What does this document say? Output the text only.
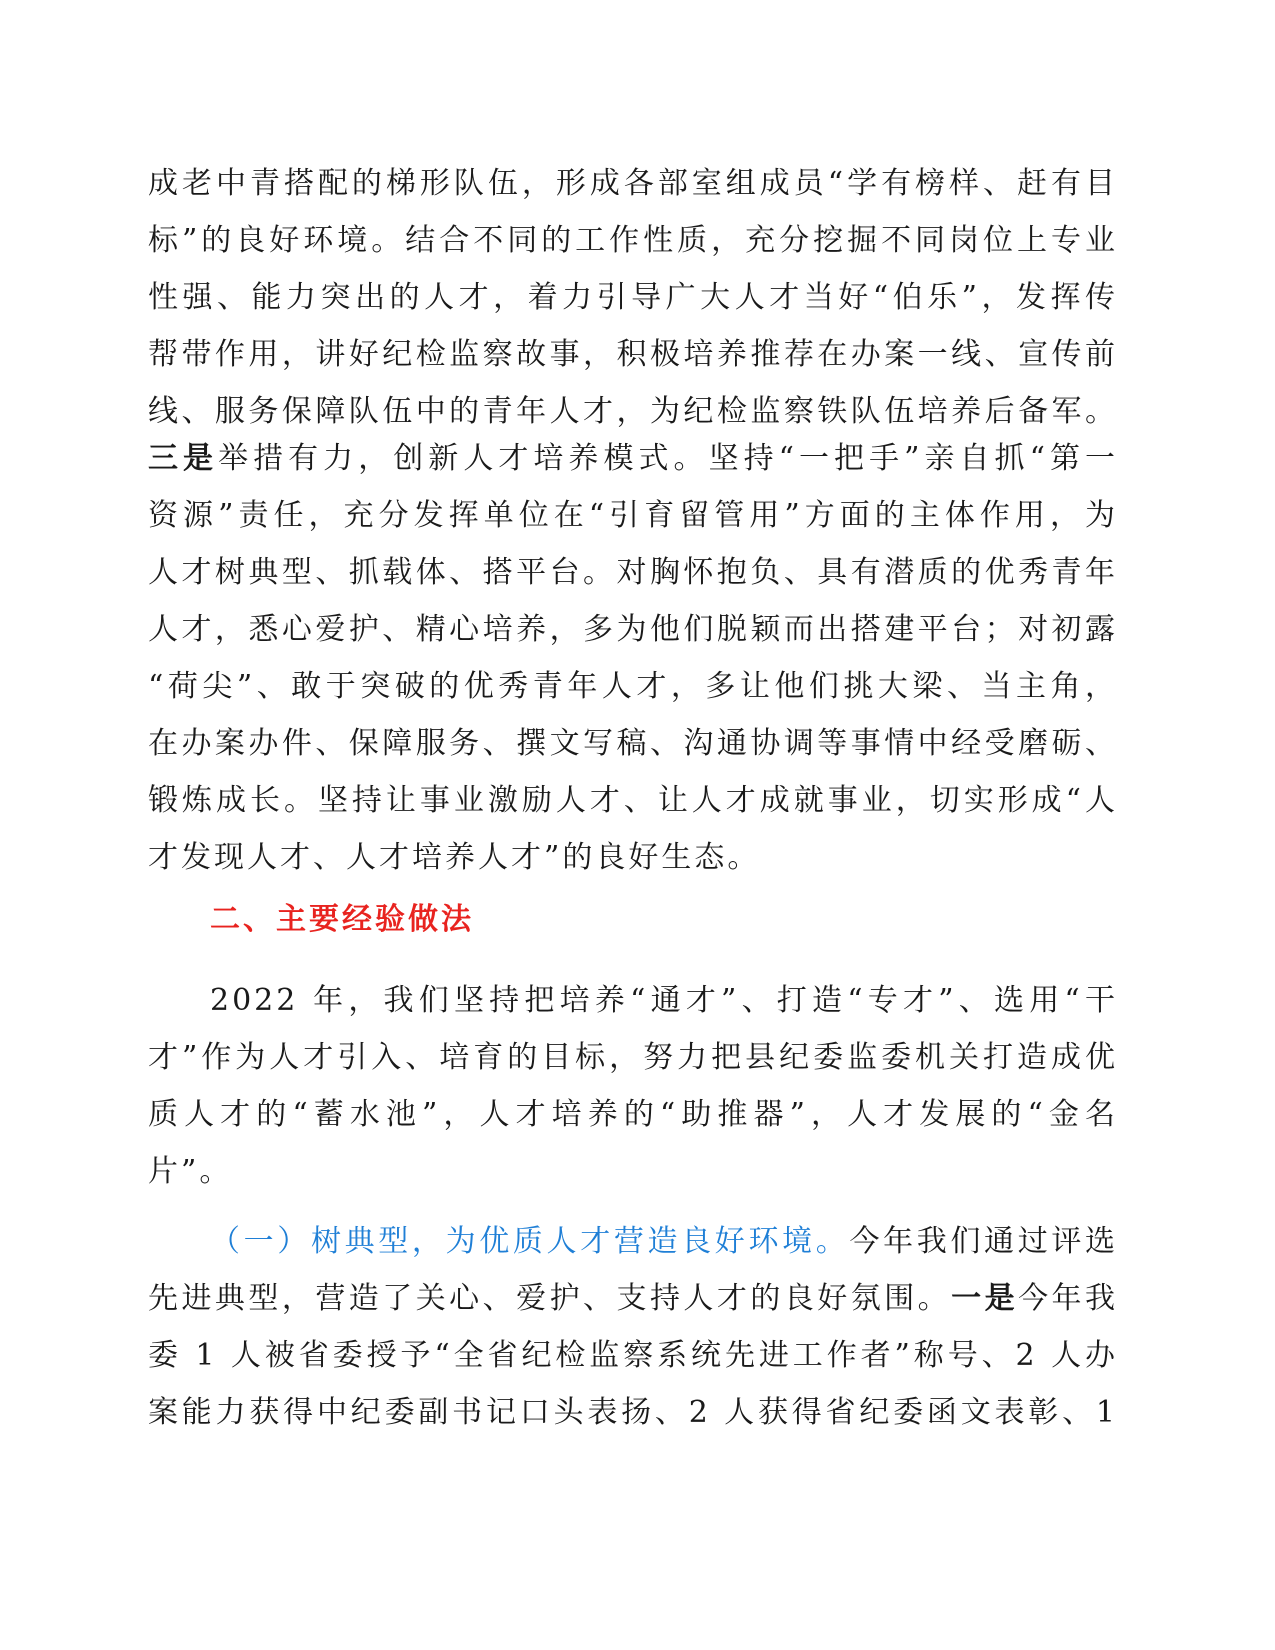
成老中青搭配的梯形队伍，形成各部室组成员“学有榜样、赶有目
标”的良好环境。结合不同的工作性质，充分挖掘不同岗位上专业
性强、能力突出的人才，着力引导广大人才当好“伯乐”，发挥传
帮带作用，讲好纪检监察故事，积极培养推荐在办案一线、宣传前
线、服务保障队伍中的青年人才，为纪检监察铁队伍培养后备军。
三是举措有力，创新人才培养模式。坚持“一把手”亲自抓“第一
资源”责任，充分发挥单位在“引育留管用”方面的主体作用，为
人才树典型、抓载体、搭平台。对胸怀抱负、具有潜质的优秀青年
人才，悉心爱护、精心培养，多为他们脱颖而出搭建平台；对初露
“荷尖”、敢于突破的优秀青年人才，多让他们挑大梁、当主角，
在办案办件、保障服务、撰文写稿、沟通协调等事情中经受磨砺、
锻炼成长。坚持让事业激励人才、让人才成就事业，切实形成“人
才发现人才、人才培养人才”的良好生态。
二、主要经验做法
2022 年，我们坚持把培养“通才”、打造“专才”、选用“干
才”作为人才引入、培育的目标，努力把县纪委监委机关打造成优
质人才的“蓄水池”，人才培养的“助推器”，人才发展的“金名
片”。
（一）树典型，为优质人才营造良好环境。今年我们通过评选
先进典型，营造了关心、爱护、支持人才的良好氛围。一是今年我
委 1 人被省委授予“全省纪检监察系统先进工作者”称号、2 人办
案能力获得中纪委副书记口头表扬、2 人获得省纪委函文表彰、1
